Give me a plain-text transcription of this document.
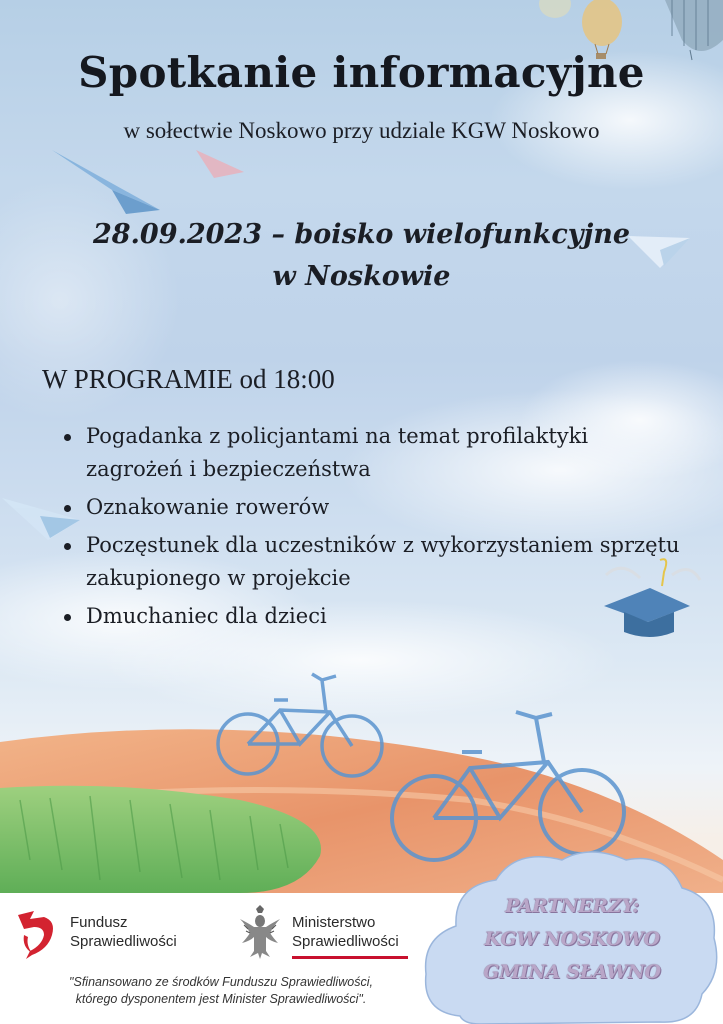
Spotkanie informacyjne
w sołectwie Noskowo przy udziale KGW Noskowo
28.09.2023 – boisko wielofunkcyjne
w Noskowie
W PROGRAMIE od 18:00
Pogadanka z policjantami na temat profilaktyki zagrożeń i bezpieczeństwa
Oznakowanie rowerów
Poczęstunek dla uczestników z wykorzystaniem sprzętu zakupionego w projekcie
Dmuchaniec dla dzieci
Fundusz
Sprawiedliwości
Ministerstwo
Sprawiedliwości
"Sfinansowano ze środków Funduszu Sprawiedliwości,
którego dysponentem jest Minister Sprawiedliwości".
PARTNERZY:
KGW NOSKOWO
GMINA SŁAWNO
